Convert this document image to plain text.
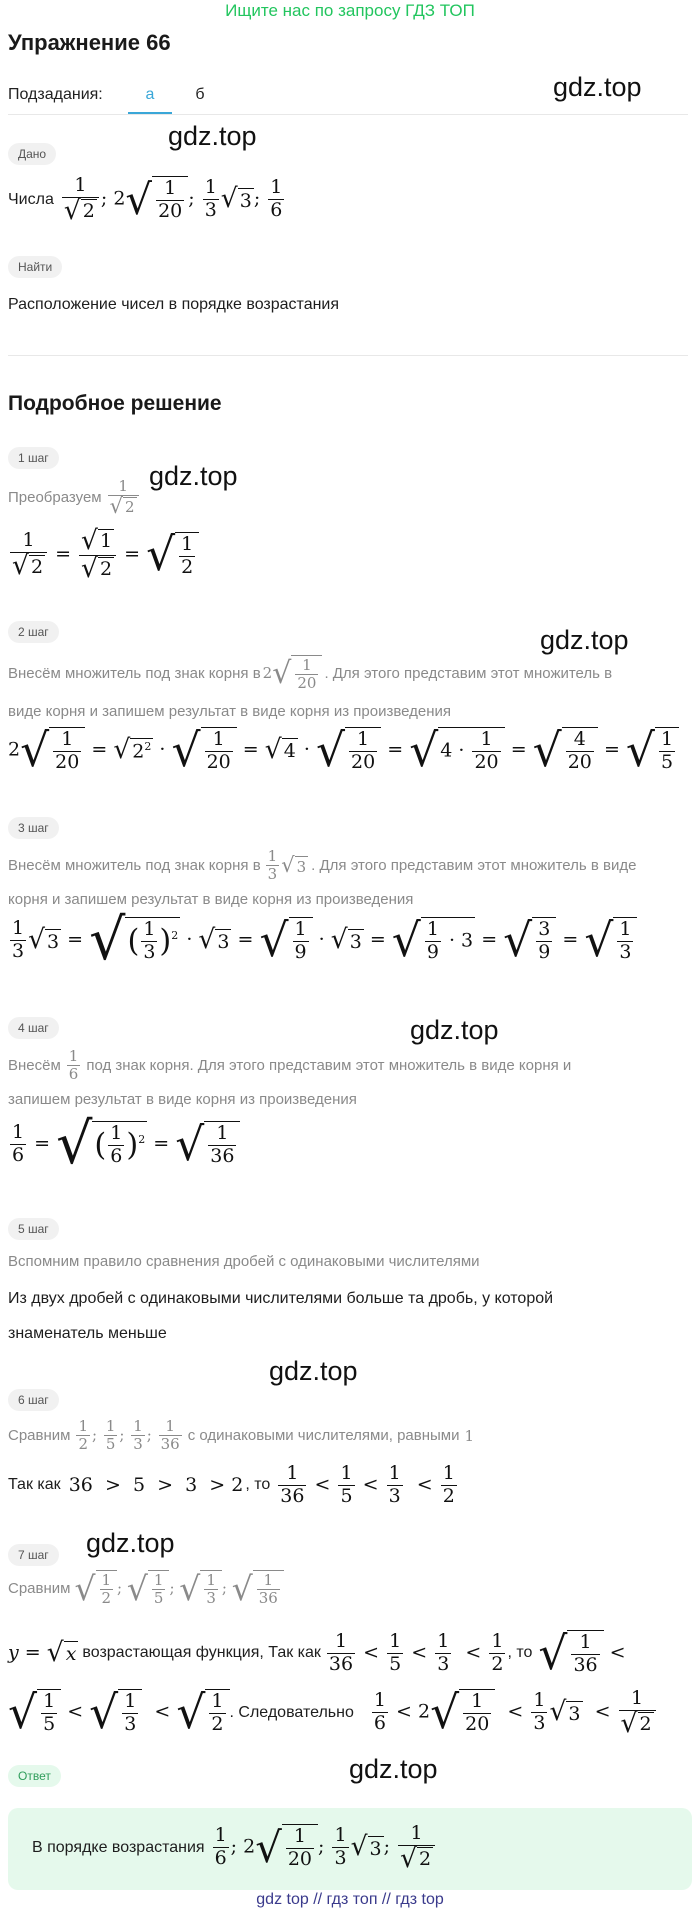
Ищите нас по запросу ГДЗ ТОП
Упражнение 66
Подзадания:	а	б	gdz.top
gdz.top
gdz.top
gdz.top
gdz.top
gdz.top
gdz.top
gdz.top
Дано
Числа $\frac{1}{√ 2}$ ; $2√ \frac{1}{20}$ ; $\frac{1}{3}$ √ 3 ; $\frac{1}{6}$
Найти
Расположение чисел в порядке возрастания
Подробное решение
1 шаг
Преобразуем $\frac{1}{√ 2}$
$\frac{1}{√ 2} = \frac{√ 1}{√ 2}$ = √ $\frac{1}{2}$
2 шаг
Внесём множитель под знак корня в $2√ \frac{1}{20}$ . Для этого представим этот множитель в
виде корня и запишем результат в виде корня из произведения
$2√ \frac{1}{20}$ = √ $2^2$ · √ $\frac{1}{20}$ = √ 4 · √ $\frac{1}{20}$ = √ $4 \cdot \frac{1}{20}$ = √ $\frac{4}{20}$ = √ $\frac{1}{5}$
3 шаг
Внесём множитель под знак корня в $\frac{1}{3}$ √ 3 . Для этого представим этот множитель в виде
корня и запишем результат в виде корня из произведения
$\frac{1}{3}$ √ 3 = √( $\frac{1}{3} )^2$ · √ 3 = √ $\frac{1}{9}$ · √ 3 = √ $\frac{1}{9} \cdot 3$ = √ $\frac{3}{9}$ = √ $\frac{1}{3}$
4 шаг
Внесём $\frac{1}{6}$ под знак корня. Для этого представим этот множитель в виде корня и
запишем результат в виде корня из произведения
$\frac{1}{6}$ = √( $\frac{1}{6} )^2$ = √ $\frac{1}{36}$
5 шаг
Вспомним правило сравнения дробей с одинаковыми числителями
Из двух дробей с одинаковыми числителями больше та дробь, у которой
знаменатель меньше
6 шаг
Сравним $\frac{1}{2}$ ; $\frac{1}{5}$ ; $\frac{1}{3}$ ; $\frac{1}{36}$ с одинаковыми числителями, равными 1
Так как 36  >  5  >  3  > 2 , то $\frac{1}{36} < \frac{1}{5} < \frac{1}{3} < \frac{1}{2}$
7 шаг
Сравним √ $\frac{1}{2}$ ; √ $\frac{1}{5}$ ; √ $\frac{1}{3}$ ; √ $\frac{1}{36}$
y = √ x возрастающая функция, Так как $\frac{1}{36} < \frac{1}{5} < \frac{1}{3} < \frac{1}{2}$ , то √ $\frac{1}{36}$ <
√ $\frac{1}{5}$ < √ $\frac{1}{3}$ < √ $\frac{1}{2}$ . Следовательно $\frac{1}{6} < 2√ \frac{1}{20} < \frac{1}{3}$ √ $3 < \frac{1}{√ 2}$
Ответ
В порядке возрастания $\frac{1}{6}$ ; $2√ \frac{1}{20}$ ; $\frac{1}{3}$ √ 3 ; $\frac{1}{√ 2}$
gdz top // гдз топ // гдз top
